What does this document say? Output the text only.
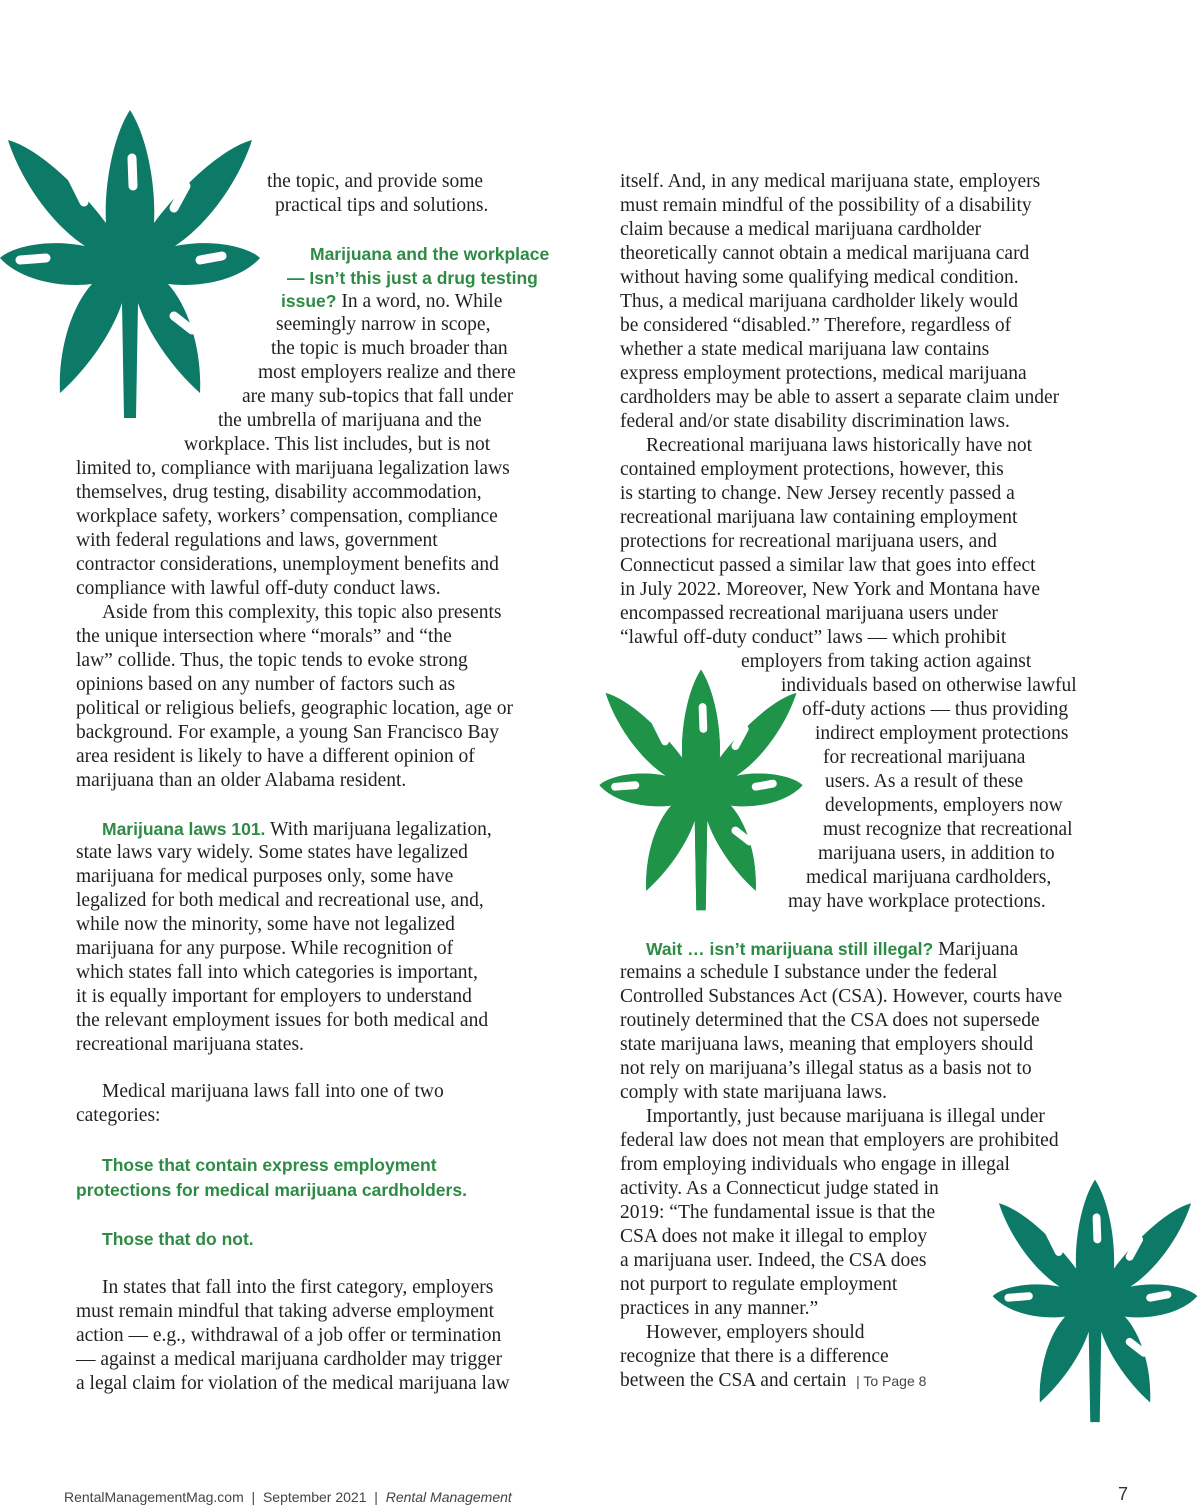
the topic, and provide some
practical tips and solutions.
Marijuana and the workplace
— Isn’t this just a drug testing
issue? In a word, no. While
seemingly narrow in scope,
the topic is much broader than
most employers realize and there
are many sub-topics that fall under
the umbrella of marijuana and the
workplace. This list includes, but is not
limited to, compliance with marijuana legalization laws
themselves, drug testing, disability accommodation,
workplace safety, workers’ compensation, compliance
with federal regulations and laws, government
contractor considerations, unemployment benefits and
compliance with lawful off-duty conduct laws.
Aside from this complexity, this topic also presents
the unique intersection where “morals” and “the
law” collide. Thus, the topic tends to evoke strong
opinions based on any number of factors such as
political or religious beliefs, geographic location, age or
background. For example, a young San Francisco Bay
area resident is likely to have a different opinion of
marijuana than an older Alabama resident.
Marijuana laws 101. With marijuana legalization,
state laws vary widely. Some states have legalized
marijuana for medical purposes only, some have
legalized for both medical and recreational use, and,
while now the minority, some have not legalized
marijuana for any purpose. While recognition of
which states fall into which categories is important,
it is equally important for employers to understand
the relevant employment issues for both medical and
recreational marijuana states.
Medical marijuana laws fall into one of two
categories:
Those that contain express employment
protections for medical marijuana cardholders.
Those that do not.
In states that fall into the first category, employers
must remain mindful that taking adverse employment
action — e.g., withdrawal of a job offer or termination
— against a medical marijuana cardholder may trigger
a legal claim for violation of the medical marijuana law
itself. And, in any medical marijuana state, employers
must remain mindful of the possibility of a disability
claim because a medical marijuana cardholder
theoretically cannot obtain a medical marijuana card
without having some qualifying medical condition.
Thus, a medical marijuana cardholder likely would
be considered “disabled.” Therefore, regardless of
whether a state medical marijuana law contains
express employment protections, medical marijuana
cardholders may be able to assert a separate claim under
federal and/or state disability discrimination laws.
Recreational marijuana laws historically have not
contained employment protections, however, this
is starting to change. New Jersey recently passed a
recreational marijuana law containing employment
protections for recreational marijuana users, and
Connecticut passed a similar law that goes into effect
in July 2022. Moreover, New York and Montana have
encompassed recreational marijuana users under
“lawful off-duty conduct” laws — which prohibit
employers from taking action against
individuals based on otherwise lawful
off-duty actions — thus providing
indirect employment protections
for recreational marijuana
users. As a result of these
developments, employers now
must recognize that recreational
marijuana users, in addition to
medical marijuana cardholders,
may have workplace protections.
Wait … isn’t marijuana still illegal? Marijuana
remains a schedule I substance under the federal
Controlled Substances Act (CSA). However, courts have
routinely determined that the CSA does not supersede
state marijuana laws, meaning that employers should
not rely on marijuana’s illegal status as a basis not to
comply with state marijuana laws.
Importantly, just because marijuana is illegal under
federal law does not mean that employers are prohibited
from employing individuals who engage in illegal
activity. As a Connecticut judge stated in
2019: “The fundamental issue is that the
CSA does not make it illegal to employ
a marijuana user. Indeed, the CSA does
not purport to regulate employment
practices in any manner.”
However, employers should
recognize that there is a difference
between the CSA and certain | To Page 8
RentalManagementMag.com | September 2021 | Rental Management	7
